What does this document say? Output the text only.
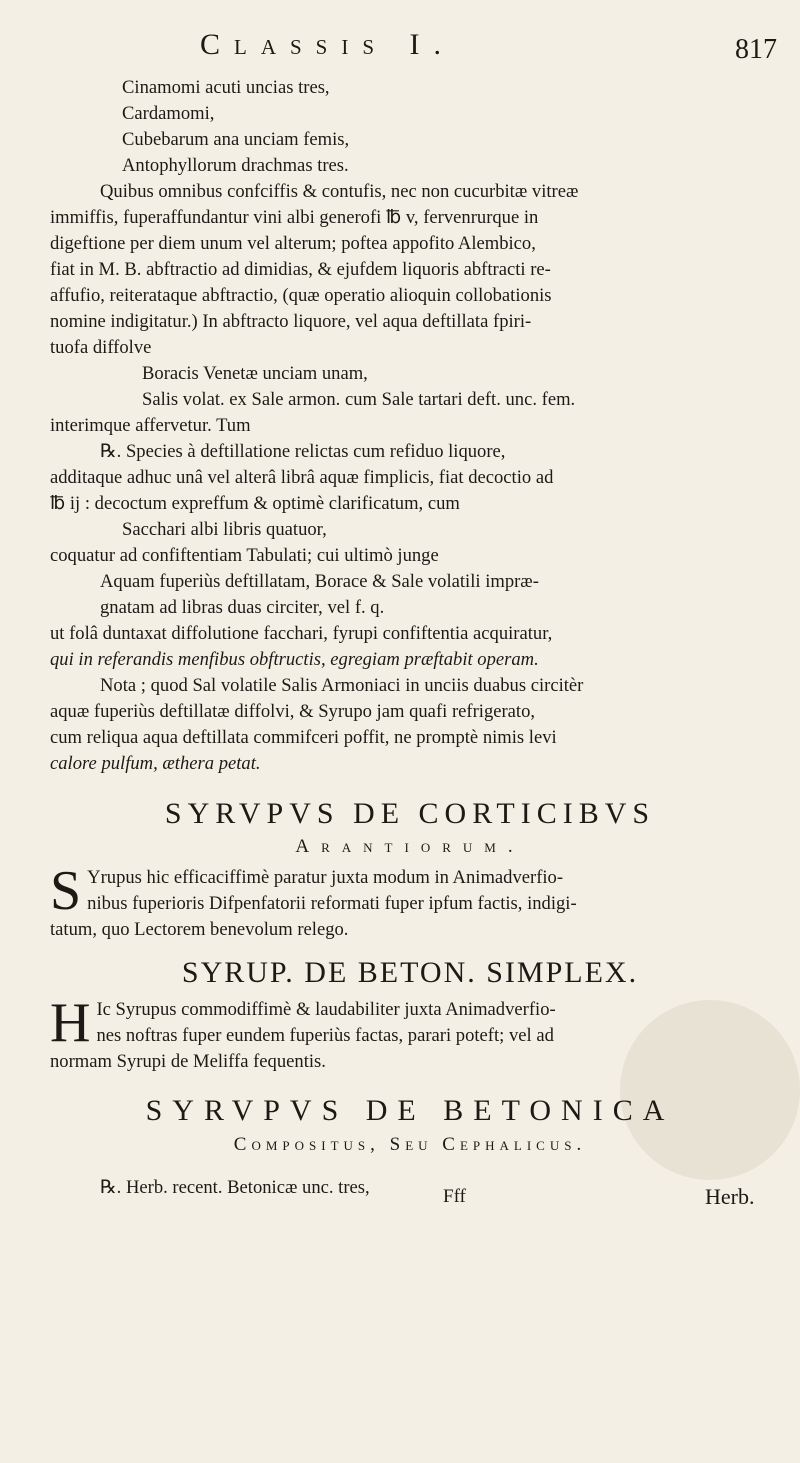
Classis I.	817
Cinamomi acuti uncias tres,
Cardamomi,
Cubebarum ana unciam femis,
Antophyllorum drachmas tres.
Quibus omnibus confciffis & contufis, nec non cucurbitæ vitreæ
immiffis, fuperaffundantur vini albi generofi ℔ v, fervenrurque in
digeftione per diem unum vel alterum; poftea appofito Alembico,
fiat in M. B. abftractio ad dimidias, & ejufdem liquoris abftracti re-
affufio, reiterataque abftractio, (quæ operatio alioquin collobationis
nomine indigitatur.) In abftracto liquore, vel aqua deftillata fpiri-
tuofa diffolve
Boracis Venetæ unciam unam,
Salis volat. ex Sale armon. cum Sale tartari deft. unc. fem.
interimque affervetur. Tum
℞. Species à deftillatione relictas cum refiduo liquore,
additaque adhuc unâ vel alterâ librâ aquæ fimplicis, fiat decoctio ad
℔ ij : decoctum expreffum & optimè clarificatum, cum
Sacchari albi libris quatuor,
coquatur ad confiftentiam Tabulati; cui ultimò junge
Aquam fuperiùs deftillatam, Borace & Sale volatili impræ-
gnatam ad libras duas circiter, vel f. q.
ut folâ duntaxat diffolutione facchari, fyrupi confiftentia acquiratur,
qui in referandis menfibus obftructis, egregiam præftabit operam.
Nota ; quod Sal volatile Salis Armoniaci in unciis duabus circitèr
aquæ fuperiùs deftillatæ diffolvi, & Syrupo jam quafi refrigerato,
cum reliqua aqua deftillata commifceri poffit, ne promptè nimis levi
calore pulfum, æthera petat.
SYRVPVS DE CORTICIBVS
Arantiorum.
S Yrupus hic efficaciffimè paratur juxta modum in Animadverfio-
nibus fuperioris Difpenfatorii reformati fuper ipfum factis, indigi-
tatum, quo Lectorem benevolum relego.
SYRUP. DE BETON. SIMPLEX.
H Ic Syrupus commodiffimè & laudabiliter juxta Animadverfio-
nes noftras fuper eundem fuperiùs factas, parari poteft; vel ad
normam Syrupi de Meliffa fequentis.
SYRVPVS DE BETONICA
Compositus, Seu Cephalicus.
℞. Herb. recent. Betonicæ unc. tres,	Fff	Herb.
